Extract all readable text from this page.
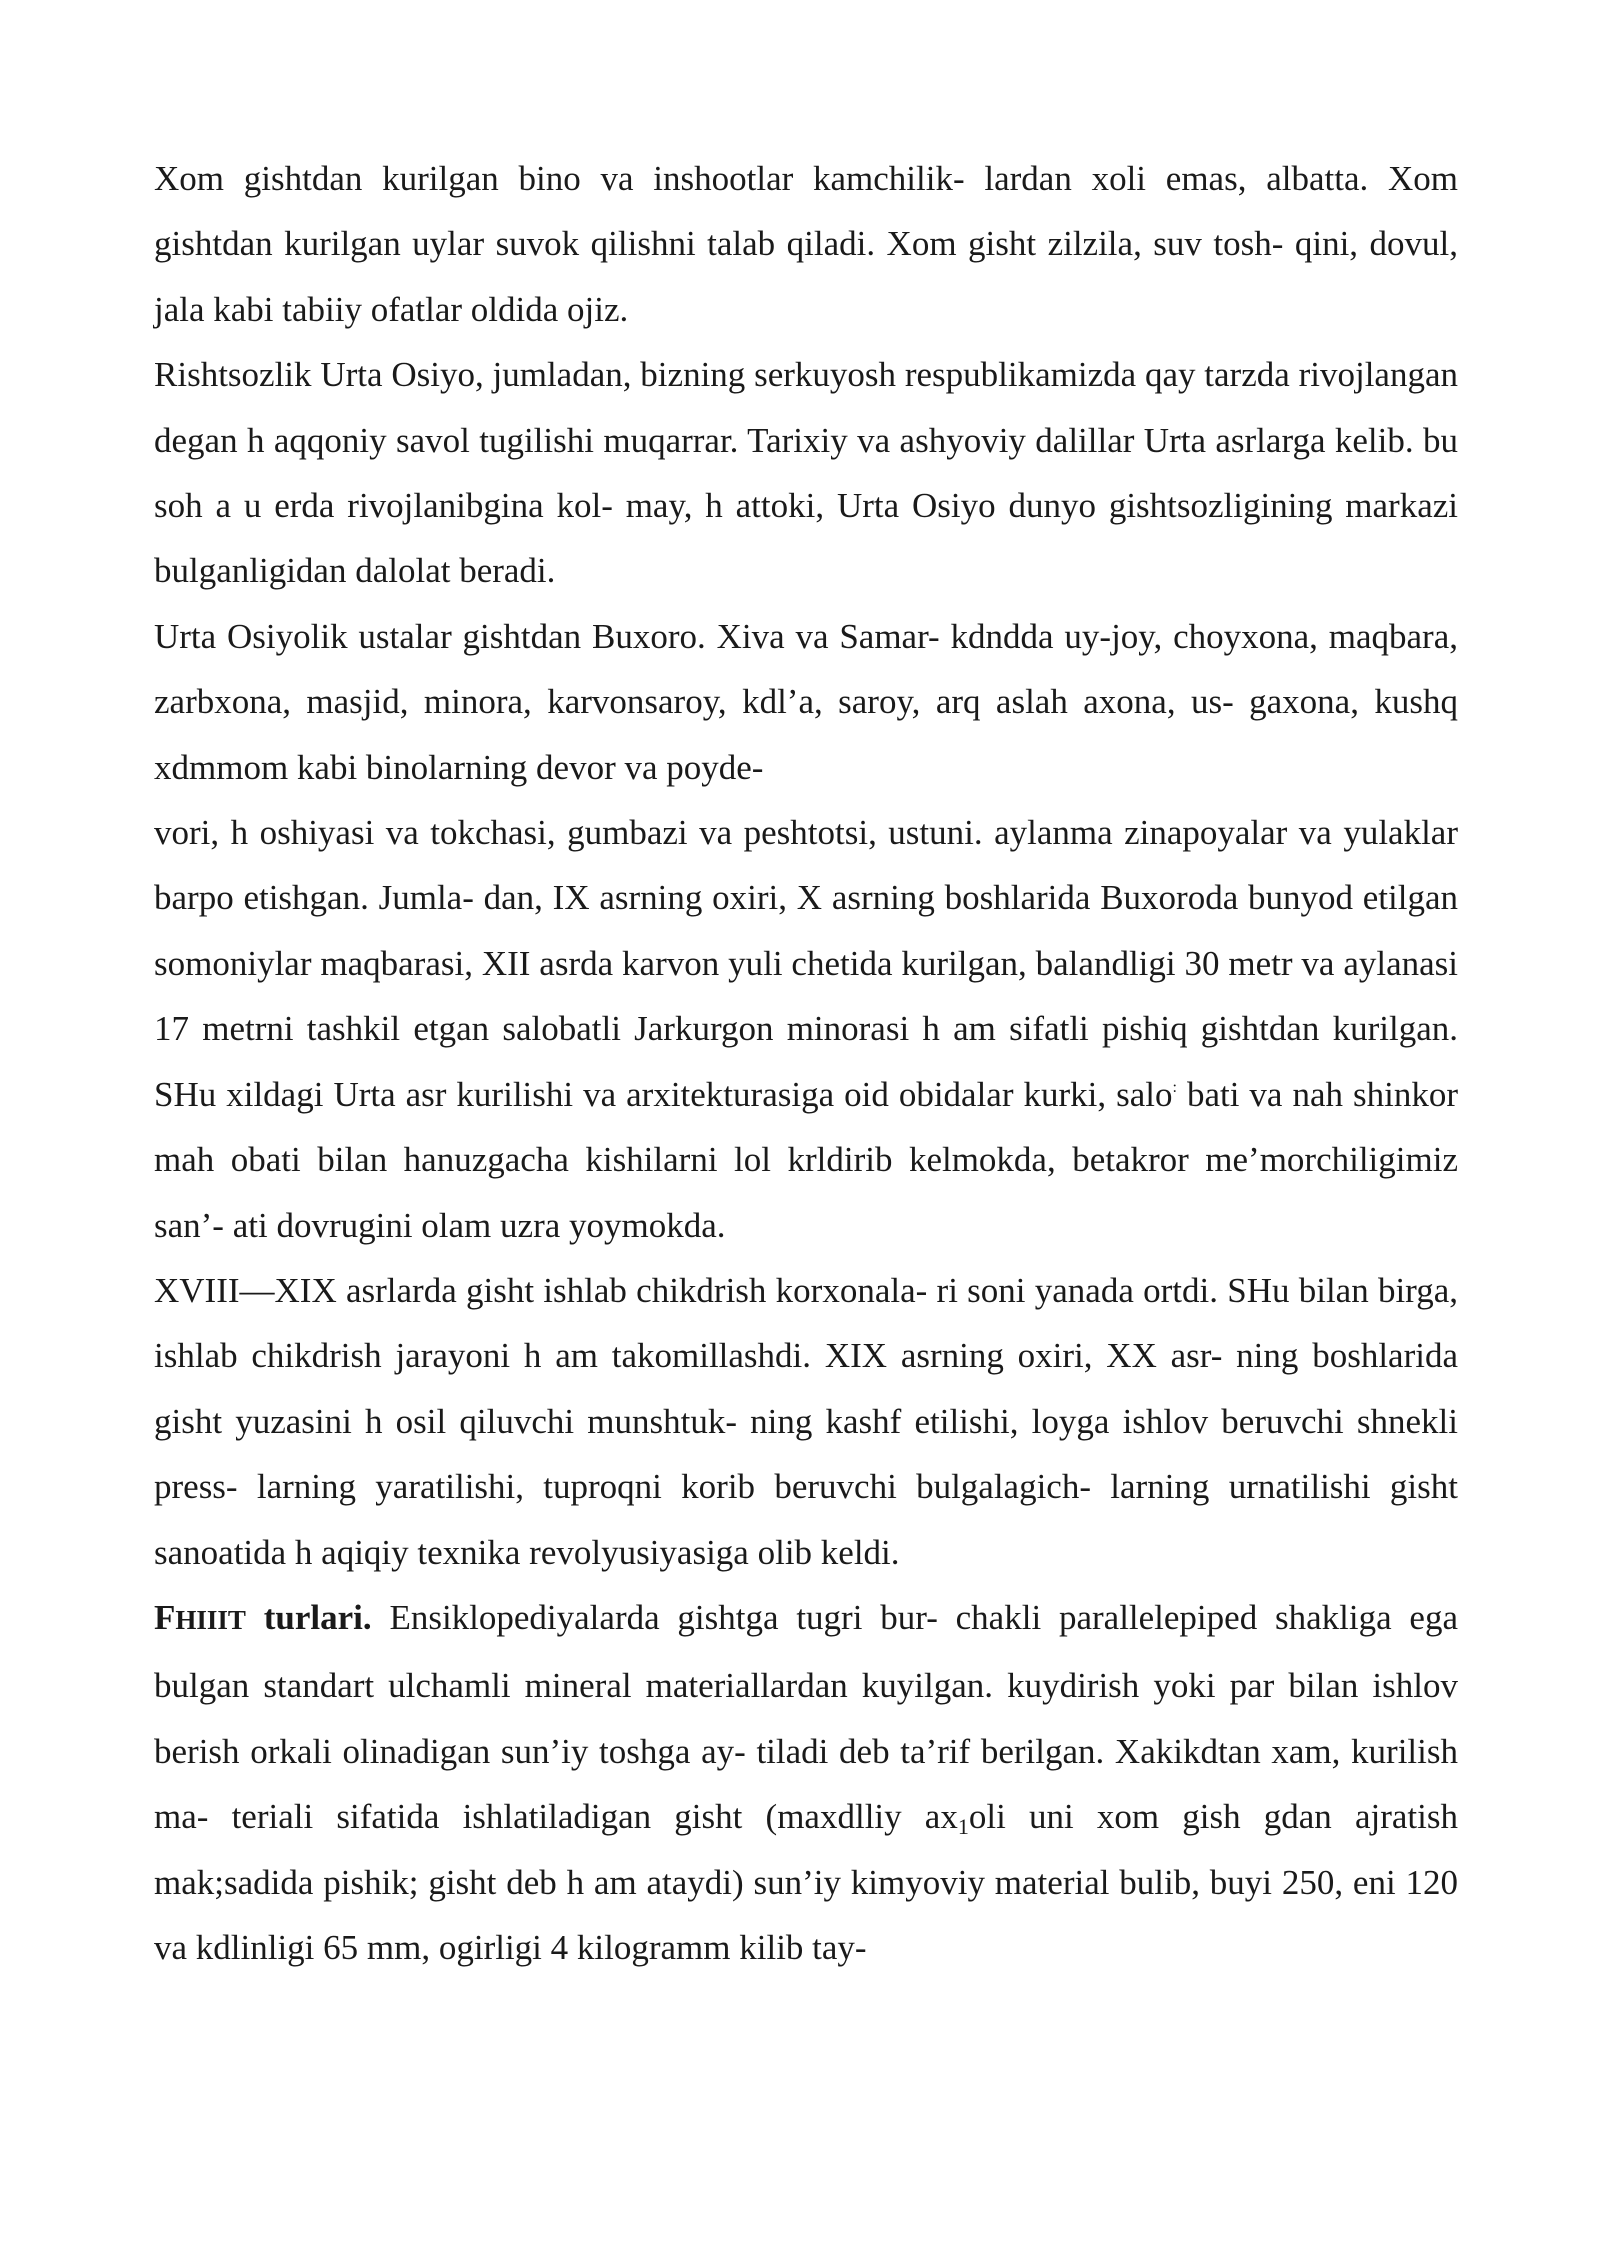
Xom gishtdan kurilgan bino va inshootlar kamchilik- lardan xoli emas, albatta. Xom gishtdan kurilgan uylar suvok qilishni talab qiladi. Xom gisht zilzila, suv tosh- qini, dovul, jala kabi tabiiy ofatlar oldida ojiz.

Rishtsozlik Urta Osiyo, jumladan, bizning serkuyosh respublikamizda qay tarzda rivojlangan degan h aqqoniy savol tugilishi muqarrar. Tarixiy va ashyoviy dalillar Urta asrlarga kelib. bu soh a u erda rivojlanibgina kol- may, h attoki, Urta Osiyo dunyo gishtsozligining markazi bulganligidan dalolat beradi.

Urta Osiyolik ustalar gishtdan Buxoro. Xiva va Samar- kdndda uy-joy, choyxona, maqbara, zarbxona, masjid, minora, karvonsaroy, kdl’a, saroy, arq aslah axona, us- gaxona, kushq xdmmom kabi binolarning devor va poyde-

vori, h oshiyasi va tokchasi, gumbazi va peshtotsi, ustuni. aylanma zinapoyalar va yulaklar barpo etishgan. Jumla- dan, IX asrning oxiri, X asrning boshlarida Buxoroda bunyod etilgan somoniylar maqbarasi, XII asrda karvon yuli chetida kurilgan, balandligi 30 metr va aylanasi 17 metrni tashkil etgan salobatli Jarkurgon minorasi h am sifatli pishiq gishtdan kurilgan. SHu xildagi Urta asr kurilishi va arxitekturasiga oid obidalar kurki, salo: bati va nah shinkor mah obati bilan hanuzgacha kishilarni lol krldirib kelmokda, betakror me’morchiligimiz san’- ati dovrugini olam uzra yoymokda.

XVIII—XIX asrlarda gisht ishlab chikdrish korxonala- ri soni yanada ortdi. SHu bilan birga, ishlab chikdrish jarayoni h am takomillashdi. XIX asrning oxiri, XX asr- ning boshlarida gisht yuzasini h osil qiluvchi munshtuk- ning kashf etilishi, loyga ishlov beruvchi shnekli press- larning yaratilishi, tuproqni korib beruvchi bulgalagich- larning urnatilishi gisht sanoatida h aqiqiy texnika revolyusiyasiga olib keldi.

FHIIIT turlari. Ensiklopediyalarda gishtga tugri bur- chakli parallelepiped shakliga ega bulgan standart ulchamli mineral materiallardan kuyilgan. kuydirish yoki par bilan ishlov berish orkali olinadigan sun’iy toshga ay- tiladi deb ta’rif berilgan. Xakikdtan xam, kurilish ma- teriali sifatida ishlatiladigan gisht (maxdlliy $ax_1oli$ uni xom gish gdan ajratish mak;sadida pishik; gisht deb h am ataydi) sun’iy kimyoviy material bulib, buyi 250, eni 120 va kdlinligi 65 mm, ogirligi 4 kilogramm kilib tay-
